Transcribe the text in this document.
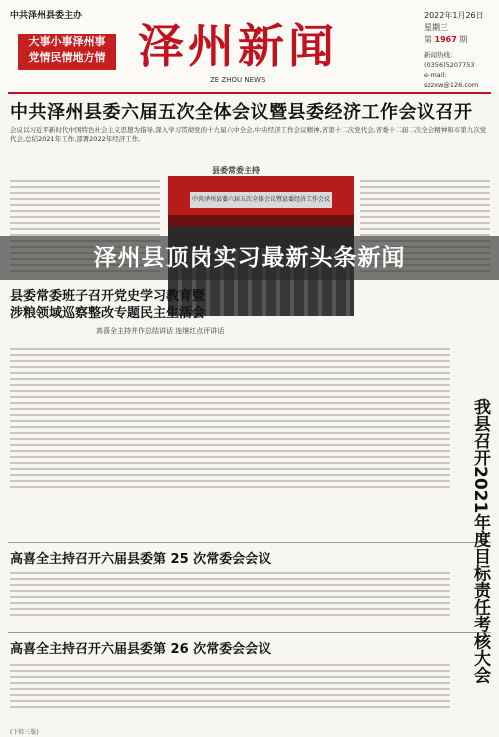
中共泽州县委主办
大事小事泽州事
党情民情地方情 泽州新闻
ZE ZHOU NEWS
2022年1月26日
星期三
第 1967 期
新闻热线:(0356)5207753
e-mail: szzxw@126.com
中共泽州县委六届五次全体会议暨县委经济工作会议召开
会议以习近平新时代中国特色社会主义思想为指导,深入学习贯彻党的十九届六中全会,中央经济工作会议精神,省第十二次党代会,省委十二届二次全会精神和市第九次党代会,总结2021年工作,部署2022年经济工作,
县委常委主持
中共泽州县委六届五次全体会议暨县委经济工作会议
泽州县顶岗实习最新头条新闻
县委常委班子召开党史学习教育暨
涉粮领域巡察整改专题民主生活会
高喜全主持并作总结讲话 连继红点评讲话
高喜全主持召开六届县委第 25 次常委会会议
高喜全主持召开六届县委第 26 次常委会会议	我县召开2021年度目标责任考核大会
(下转三版)
